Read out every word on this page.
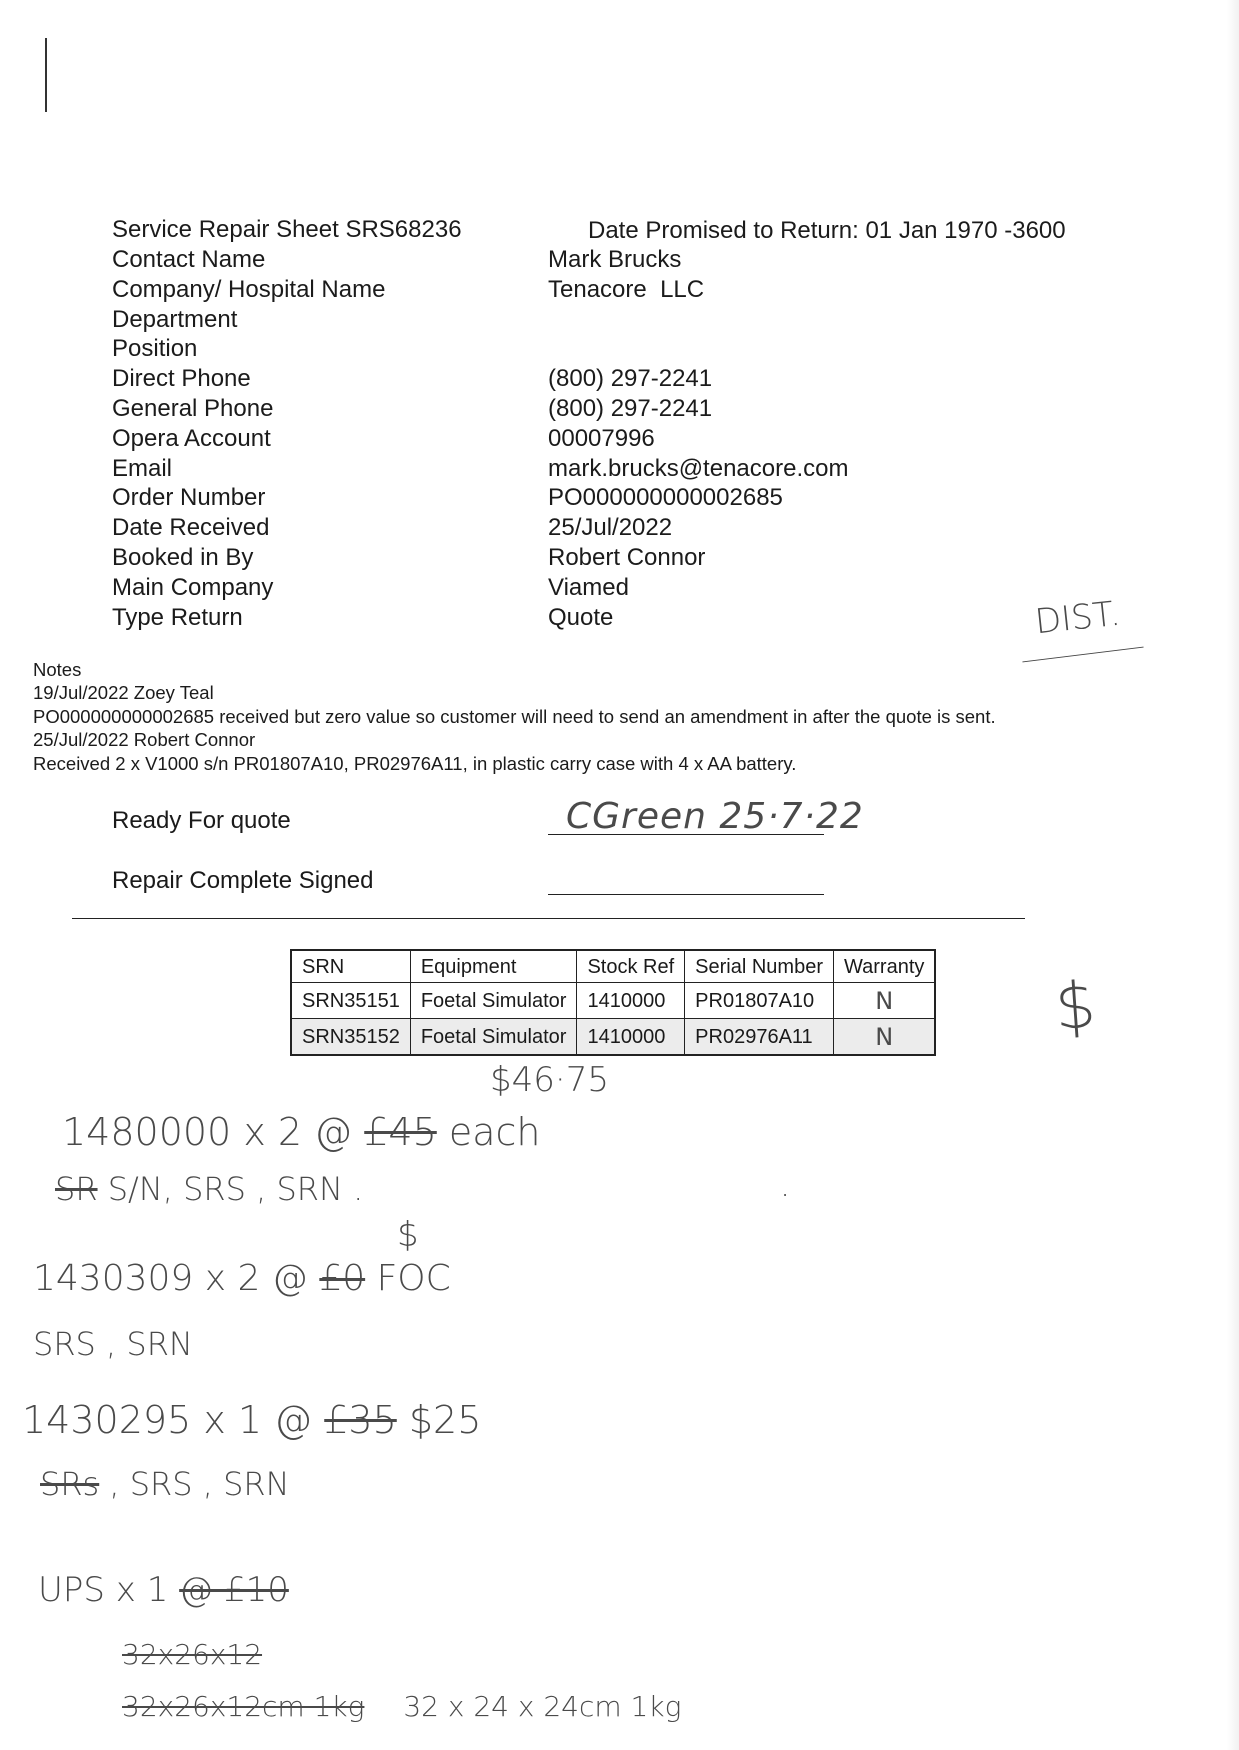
Service Repair Sheet SRS68236	Date Promised to Return: 01 Jan 1970 -3600
Contact Name	Mark Brucks
Company/ Hospital Name	Tenacore  LLC
Department
Position
Direct Phone	(800) 297-2241
General Phone	(800) 297-2241
Opera Account	00007996
Email	mark.brucks@tenacore.com
Order Number	PO000000000002685
Date Received	25/Jul/2022
Booked in By	Robert Connor
Main Company	Viamed
Type Return	Quote	DIST.
Notes
19/Jul/2022 Zoey Teal
PO000000000002685 received but zero value so customer will need to send an amendment in after the quote is sent.
25/Jul/2022 Robert Connor
Received 2 x V1000 s/n PR01807A10, PR02976A11, in plastic carry case with 4 x AA battery.
Ready For quote	CGreen 25·7·22
Repair Complete Signed
SRN	Equipment	Stock Ref	Serial Number	Warranty
SRN35151	Foetal Simulator	1410000	PR01807A10	N
SRN35152	Foetal Simulator	1410000	PR02976A11	N $
$46·75
1480000 x 2 @ £45 each
SR S/N, SRS , SRN .	·
$
1430309 x 2 @ £0 FOC
SRS , SRN
1430295 x 1 @ £35 $25
SRs , SRS , SRN
UPS x 1 @ £10
32x26x12
32x26x12cm 1kg 32 x 24 x 24cm 1kg
